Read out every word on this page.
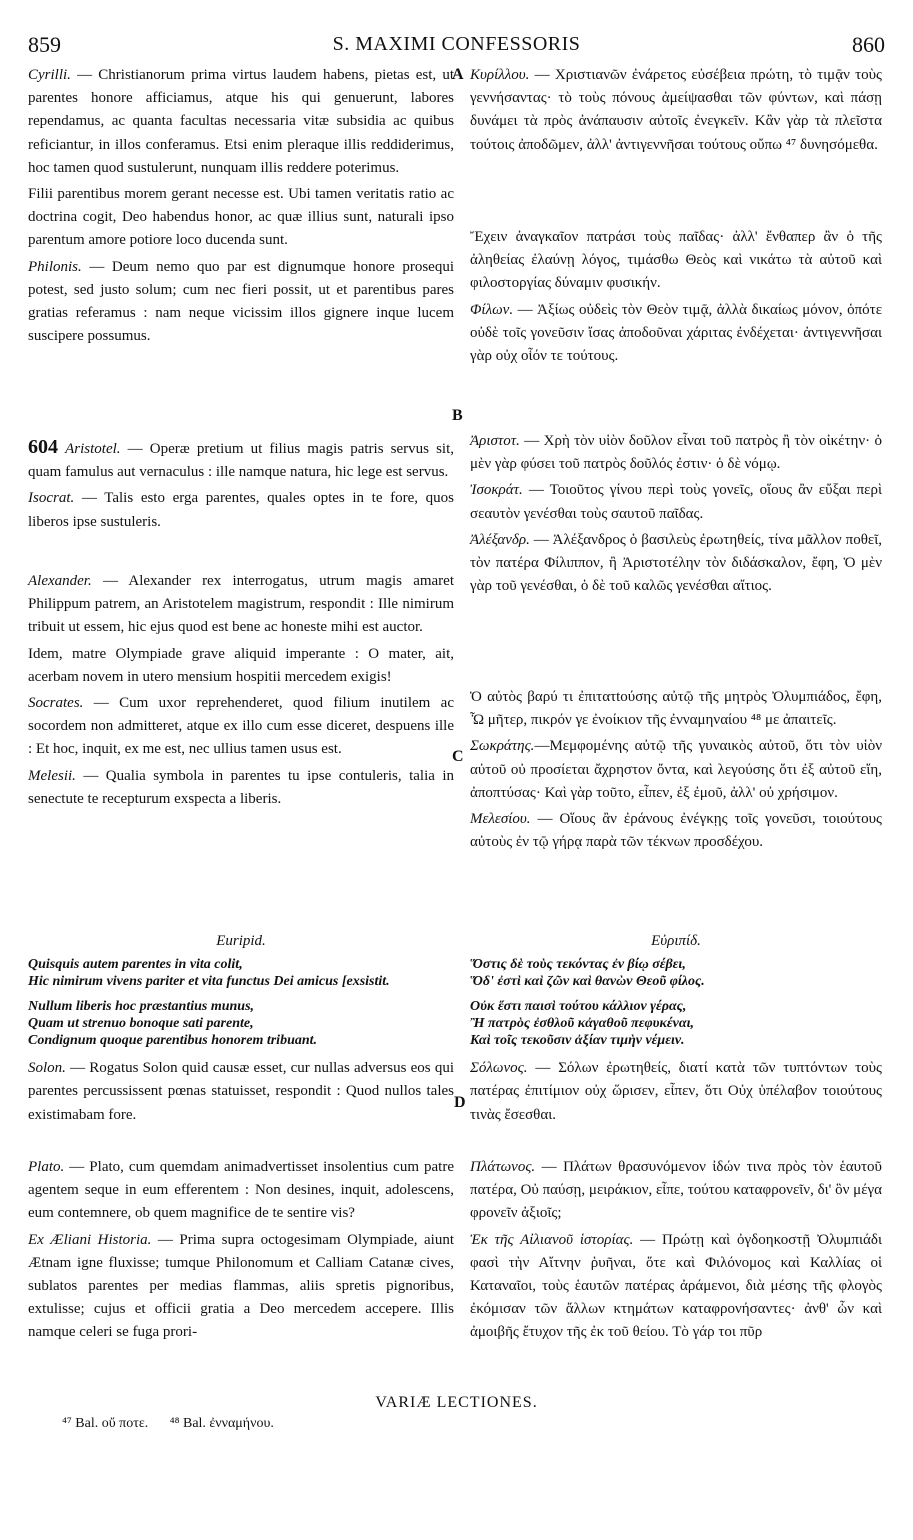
859	S. MAXIMI CONFESSORIS	860
A
B
C
D

Cyrilli. — Christianorum prima virtus laudem habens, pietas est, ut parentes honore afficiamus, atque his qui genuerunt, labores rependamus, ac quanta facultas necessaria vitæ subsidia ac quibus reficiantur, in illos conferamus. Etsi enim pleraque illis reddiderimus, hoc tamen quod sustulerunt, nunquam illis reddere poterimus.

Filii parentibus morem gerant necesse est. Ubi tamen veritatis ratio ac doctrina cogit, Deo habendus honor, ac quæ illius sunt, naturali ipso parentum amore potiore loco ducenda sunt.

Philonis. — Deum nemo quo par est dignumque honore prosequi potest, sed justo solum; cum nec fieri possit, ut et parentibus pares gratias referamus : nam neque vicissim illos gignere inque lucem suscipere possumus.

604 Aristotel. — Operæ pretium ut filius magis patris servus sit, quam famulus aut vernaculus : ille namque natura, hic lege est servus.

Isocrat. — Talis esto erga parentes, quales optes in te fore, quos liberos ipse sustuleris.

Alexander. — Alexander rex interrogatus, utrum magis amaret Philippum patrem, an Aristotelem magistrum, respondit : Ille nimirum tribuit ut essem, hic ejus quod est bene ac honeste mihi est auctor.

Idem, matre Olympiade grave aliquid imperante : O mater, ait, acerbam novem in utero mensium hospitii mercedem exigis!

Socrates. — Cum uxor reprehenderet, quod filium inutilem ac socordem non admitteret, atque ex illo cum esse diceret, despuens ille : Et hoc, inquit, ex me est, nec ullius tamen usus est.

Melesii. — Qualia symbola in parentes tu ipse contuleris, talia in senectute te recepturum exspecta a liberis.

Euripid.

Quisquis autem parentes in vita colit,
Hic nimirum vivens pariter et vita functus Dei amicus [exsistit.

Nullum liberis hoc præstantius munus,
Quam ut strenuo bonoque sati parente,
Condignum quoque parentibus honorem tribuant.

Solon. — Rogatus Solon quid causæ esset, cur nullas adversus eos qui parentes percussissent pœnas statuisset, respondit : Quod nullos tales existimabam fore.

Plato. — Plato, cum quemdam animadvertisset insolentius cum patre agentem seque in eum efferentem : Non desines, inquit, adolescens, eum contemnere, ob quem magnifice de te sentire vis?

Ex Æliani Historia. — Prima supra octogesimam Olympiade, aiunt Ætnam igne fluxisse; tumque Philonomum et Calliam Catanæ cives, sublatos parentes per medias flammas, aliis spretis pignoribus, extulisse; cujus et officii gratia a Deo mercedem accepere. Illis namque celeri se fuga prori-

Κυρίλλου. — Χριστιανῶν ἐνάρετος εὐσέβεια πρώτη, τὸ τιμᾷν τοὺς γεννήσαντας· τὸ τοὺς πόνους ἀμείψασθαι τῶν φύντων, καὶ πάσῃ δυνάμει τὰ πρὸς ἀνάπαυσιν αὐτοῖς ἐνεγκεῖν. Κἂν γὰρ τὰ πλεῖστα τούτοις ἀποδῶμεν, ἀλλ' ἀντιγεννῆσαι τούτους οὔπω ⁴⁷ δυνησόμεθα.

Ἔχειν ἀναγκαῖον πατράσι τοὺς παῖδας· ἀλλ' ἔνθαπερ ἂν ὁ τῆς ἀληθείας ἐλαύνῃ λόγος, τιμάσθω Θεὸς καὶ νικάτω τὰ αὐτοῦ καὶ φιλοστοργίας δύναμιν φυσικήν.

Φίλων. — Ἀξίως οὐδεὶς τὸν Θεὸν τιμᾷ, ἀλλὰ δικαίως μόνον, ὁπότε οὐδὲ τοῖς γονεῦσιν ἴσας ἀποδοῦναι χάριτας ἐνδέχεται· ἀντιγεννῆσαι γὰρ οὐχ οἷόν τε τούτους.

Ἀριστοτ. — Χρὴ τὸν υἱὸν δοῦλον εἶναι τοῦ πατρὸς ἢ τὸν οἰκέτην· ὁ μὲν γὰρ φύσει τοῦ πατρὸς δοῦλός ἐστιν· ὁ δὲ νόμῳ.

Ἰσοκράτ. — Τοιοῦτος γίνου περὶ τοὺς γονεῖς, οἵους ἂν εὔξαι περὶ σεαυτὸν γενέσθαι τοὺς σαυτοῦ παῖδας.

Ἀλέξανδρ. — Ἀλέξανδρος ὁ βασιλεὺς ἐρωτηθείς, τίνα μᾶλλον ποθεῖ, τὸν πατέρα Φίλιππον, ἢ Ἀριστοτέλην τὸν διδάσκαλον, ἔφη, Ὁ μὲν γὰρ τοῦ γενέσθαι, ὁ δὲ τοῦ καλῶς γενέσθαι αἴτιος.

Ὁ αὐτὸς βαρύ τι ἐπιτατtούσης αὐτῷ τῆς μητρὸς Ὀλυμπιάδος, ἔφη, Ὦ μῆτερ, πικρόν γε ἐνοίκιον τῆς ἐνναμηναίου ⁴⁸ με ἀπαιτεῖς.

Σωκράτης.—Μεμφομένης αὐτῷ τῆς γυναικὸς αὐτοῦ, ὅτι τὸν υἱὸν αὐτοῦ οὐ προσίεται ἄχρηστον ὄντα, καὶ λεγούσης ὅτι ἐξ αὐτοῦ εἴη, ἀποπτύσας· Καὶ γὰρ τοῦτο, εἶπεν, ἐξ ἐμοῦ, ἀλλ' οὐ χρήσιμον.

Μελεσίου. — Οἵους ἂν ἐράνους ἐνέγκῃς τοῖς γονεῦσι, τοιούτους αὐτοὺς ἐν τῷ γήρᾳ παρὰ τῶν τέκνων προσδέχου.

Εὐριπίδ.

Ὅστις δὲ τοὺς τεκόντας ἐν βίῳ σέβει,
Ὅδ' ἐστὶ καὶ ζῶν καὶ θανὼν Θεοῦ φίλος.

Οὐκ ἔστι παισὶ τούτου κάλλιον γέρας,
Ἢ πατρὸς ἐσθλοῦ κἀγαθοῦ πεφυκέναι,
Καὶ τοῖς τεκοῦσιν ἀξίαν τιμὴν νέμειν.

Σόλωνος. — Σόλων ἐρωτηθείς, διατί κατὰ τῶν τυπτόντων τοὺς πατέρας ἐπιτίμιον οὐχ ὥρισεν, εἶπεν, ὅτι Οὐχ ὑπέλαβον τοιούτους τινὰς ἔσεσθαι.

Πλάτωνος. — Πλάτων θρασυνόμενον ἰδών τινα πρὸς τὸν ἑαυτοῦ πατέρα, Οὐ παύσῃ, μειράκιον, εἶπε, τούτου καταφρονεῖν, δι' ὃν μέγα φρονεῖν ἀξιοῖς;

Ἐκ τῆς Αἰλιανοῦ ἱστορίας. — Πρώτῃ καὶ ὀγδοηκοστῇ Ὀλυμπιάδι φασὶ τὴν Αἴτνην ῥυῆναι, ὅτε καὶ Φιλόνομος καὶ Καλλίας οἱ Καταναῖοι, τοὺς ἑαυτῶν πατέρας ἀράμενοι, διὰ μέσης τῆς φλογὸς ἐκόμισαν τῶν ἄλλων κτημάτων καταφρονήσαντες· ἀνθ' ὧν καὶ ἀμοιβῆς ἔτυχον τῆς ἐκ τοῦ θείου. Τὸ γάρ τοι πῦρ

VARIÆ LECTIONES.
⁴⁷ Bal. οὔ ποτε. ⁴⁸ Bal. ἐνναμήνου.
